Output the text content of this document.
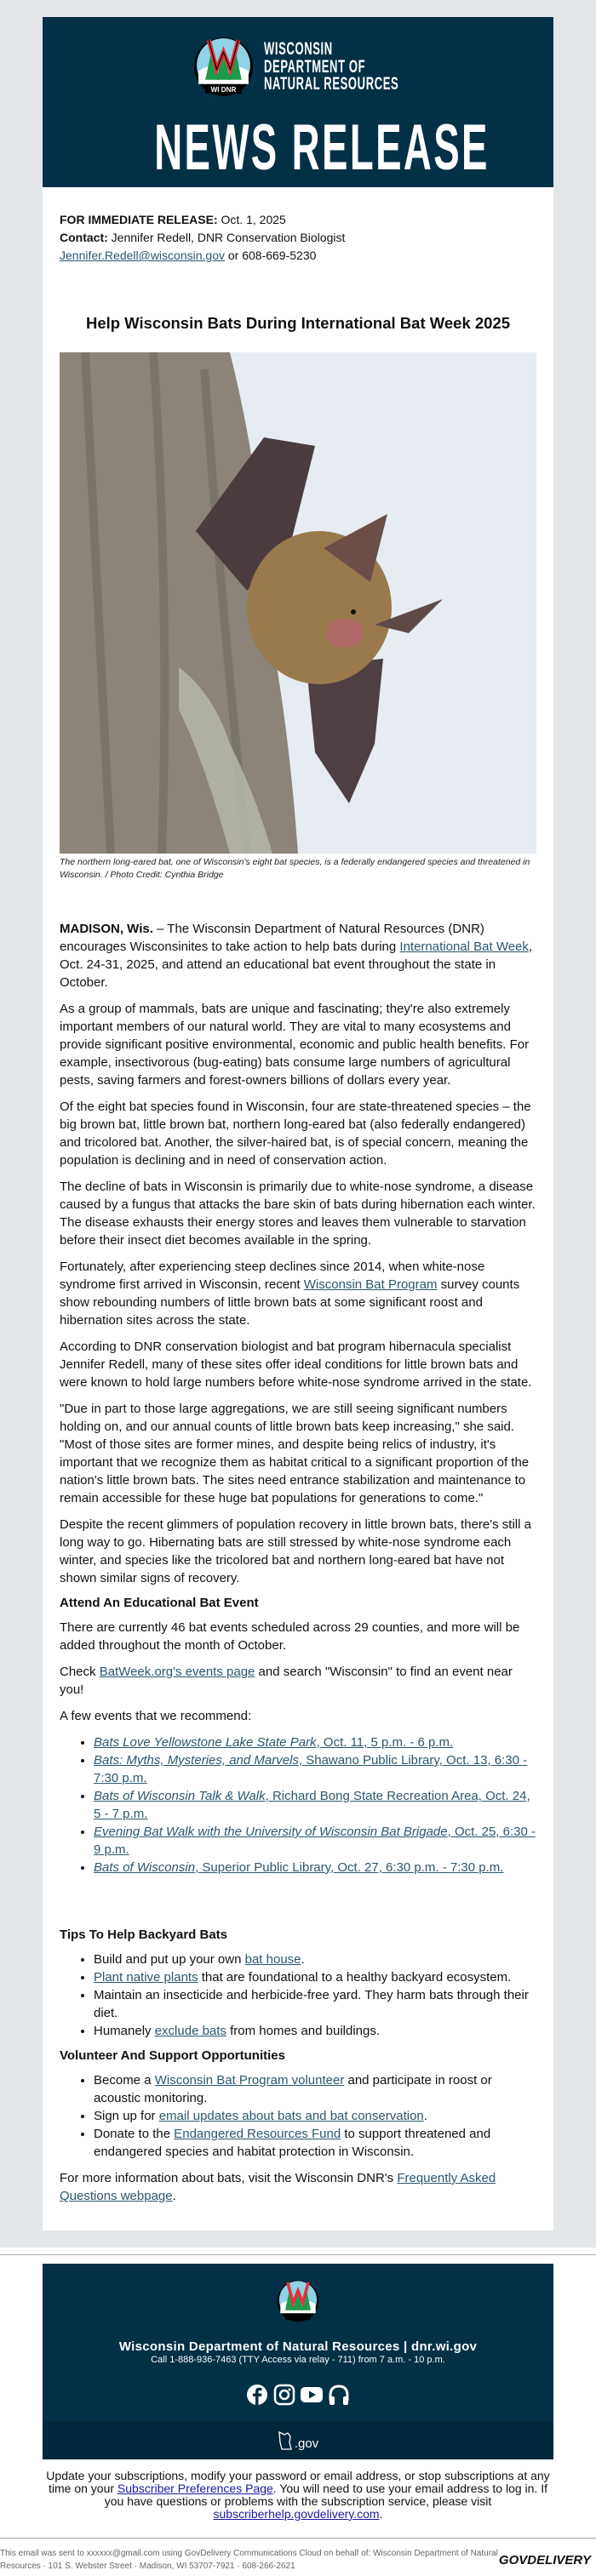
WI DNR
WISCONSIN
DEPARTMENT OF
NATURAL RESOURCES
NEWS RELEASE
FOR IMMEDIATE RELEASE: Oct. 1, 2025
Contact: Jennifer Redell, DNR Conservation Biologist
Jennifer.Redell@wisconsin.gov or 608-669-5230
Help Wisconsin Bats During International Bat Week 2025
The northern long-eared bat, one of Wisconsin's eight bat species, is a federally endangered species and threatened in Wisconsin. / Photo Credit: Cynthia Bridge

MADISON, Wis. – The Wisconsin Department of Natural Resources (DNR) encourages Wisconsinites to take action to help bats during International Bat Week, Oct. 24-31, 2025, and attend an educational bat event throughout the state in October.

As a group of mammals, bats are unique and fascinating; they're also extremely important members of our natural world. They are vital to many ecosystems and provide significant positive environmental, economic and public health benefits. For example, insectivorous (bug-eating) bats consume large numbers of agricultural pests, saving farmers and forest-owners billions of dollars every year.

Of the eight bat species found in Wisconsin, four are state-threatened species – the big brown bat, little brown bat, northern long-eared bat (also federally endangered) and tricolored bat. Another, the silver-haired bat, is of special concern, meaning the population is declining and in need of conservation action.

The decline of bats in Wisconsin is primarily due to white-nose syndrome, a disease caused by a fungus that attacks the bare skin of bats during hibernation each winter. The disease exhausts their energy stores and leaves them vulnerable to starvation before their insect diet becomes available in the spring.

Fortunately, after experiencing steep declines since 2014, when white-nose syndrome first arrived in Wisconsin, recent Wisconsin Bat Program survey counts show rebounding numbers of little brown bats at some significant roost and hibernation sites across the state.

According to DNR conservation biologist and bat program hibernacula specialist Jennifer Redell, many of these sites offer ideal conditions for little brown bats and were known to hold large numbers before white-nose syndrome arrived in the state.

"Due in part to those large aggregations, we are still seeing significant numbers holding on, and our annual counts of little brown bats keep increasing," she said. "Most of those sites are former mines, and despite being relics of industry, it's important that we recognize them as habitat critical to a significant proportion of the nation's little brown bats. The sites need entrance stabilization and maintenance to remain accessible for these huge bat populations for generations to come."

Despite the recent glimmers of population recovery in little brown bats, there's still a long way to go. Hibernating bats are still stressed by white-nose syndrome each winter, and species like the tricolored bat and northern long-eared bat have not shown similar signs of recovery.

Attend An Educational Bat Event

There are currently 46 bat events scheduled across 29 counties, and more will be added throughout the month of October.

Check BatWeek.org's events page and search "Wisconsin" to find an event near you!

A few events that we recommend:

• Bats Love Yellowstone Lake State Park, Oct. 11, 5 p.m. - 6 p.m.
• Bats: Myths, Mysteries, and Marvels, Shawano Public Library, Oct. 13, 6:30 - 7:30 p.m.
• Bats of Wisconsin Talk & Walk, Richard Bong State Recreation Area, Oct. 24, 5 - 7 p.m.
• Evening Bat Walk with the University of Wisconsin Bat Brigade, Oct. 25, 6:30 - 9 p.m.
• Bats of Wisconsin, Superior Public Library, Oct. 27, 6:30 p.m. - 7:30 p.m.
Tips To Help Backyard Bats
• Build and put up your own bat house.
• Plant native plants that are foundational to a healthy backyard ecosystem.
• Maintain an insecticide and herbicide-free yard. They harm bats through their diet.
• Humanely exclude bats from homes and buildings.
Volunteer And Support Opportunities
• Become a Wisconsin Bat Program volunteer and participate in roost or acoustic monitoring.
• Sign up for email updates about bats and bat conservation.
• Donate to the Endangered Resources Fund to support threatened and endangered species and habitat protection in Wisconsin.

For more information about bats, visit the Wisconsin DNR's Frequently Asked Questions webpage.

Wisconsin Department of Natural Resources | dnr.wi.gov
Call 1-888-936-7463 (TTY Access via relay - 711) from 7 a.m. - 10 p.m.
.gov
Update your subscriptions, modify your password or email address, or stop subscriptions at any time on your Subscriber Preferences Page. You will need to use your email address to log in. If you have questions or problems with the subscription service, please visit subscriberhelp.govdelivery.com.
This email was sent to xxxxxx@gmail.com using GovDelivery Communications Cloud on behalf of: Wisconsin Department of Natural Resources · 101 S. Webster Street · Madison, WI 53707-7921 · 608-266-2621	GOVDELIVERY
